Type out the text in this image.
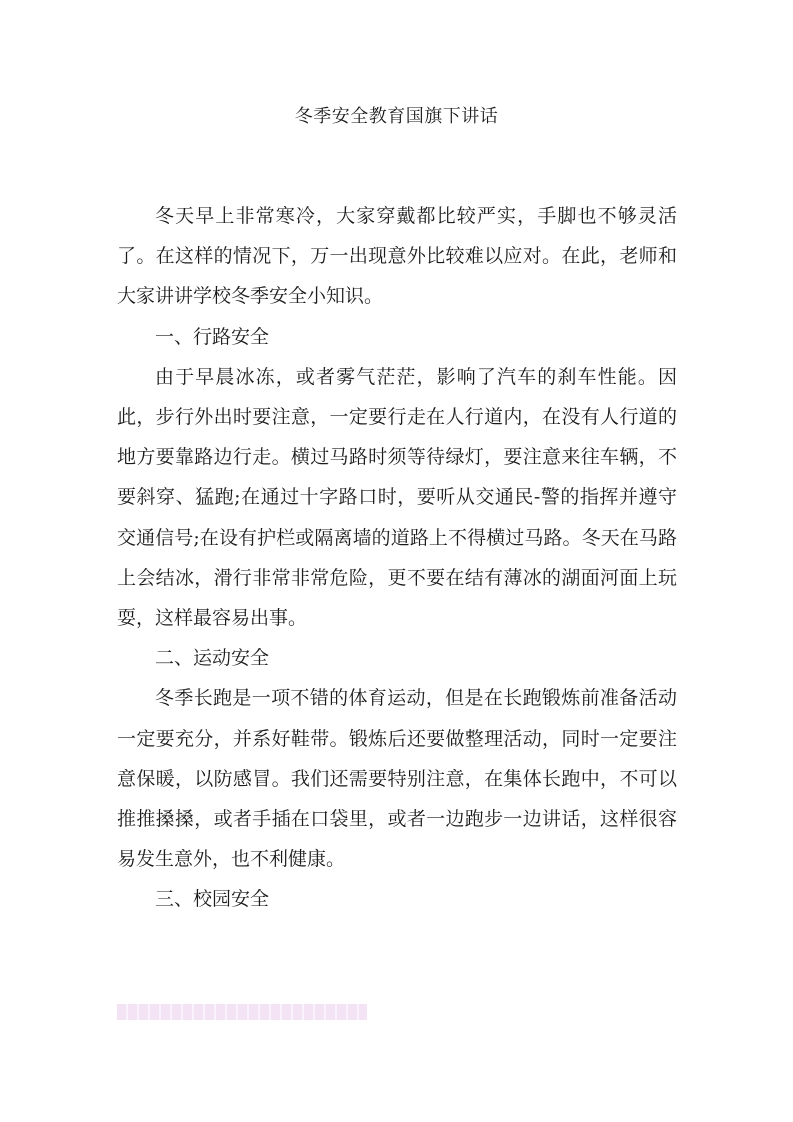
冬季安全教育国旗下讲话

冬天早上非常寒冷，大家穿戴都比较严实，手脚也不够灵活了。在这样的情况下，万一出现意外比较难以应对。在此，老师和大家讲讲学校冬季安全小知识。

一、行路安全

由于早晨冰冻，或者雾气茫茫，影响了汽车的刹车性能。因此，步行外出时要注意，一定要行走在人行道内，在没有人行道的地方要靠路边行走。横过马路时须等待绿灯，要注意来往车辆，不要斜穿、猛跑;在通过十字路口时，要听从交通民-警的指挥并遵守交通信号;在设有护栏或隔离墙的道路上不得横过马路。冬天在马路上会结冰，滑行非常非常危险，更不要在结有薄冰的湖面河面上玩耍，这样最容易出事。

二、运动安全

冬季长跑是一项不错的体育运动，但是在长跑锻炼前准备活动一定要充分，并系好鞋带。锻炼后还要做整理活动，同时一定要注意保暖，以防感冒。我们还需要特别注意，在集体长跑中，不可以推推搡搡，或者手插在口袋里，或者一边跑步一边讲话，这样很容易发生意外，也不利健康。

三、校园安全
